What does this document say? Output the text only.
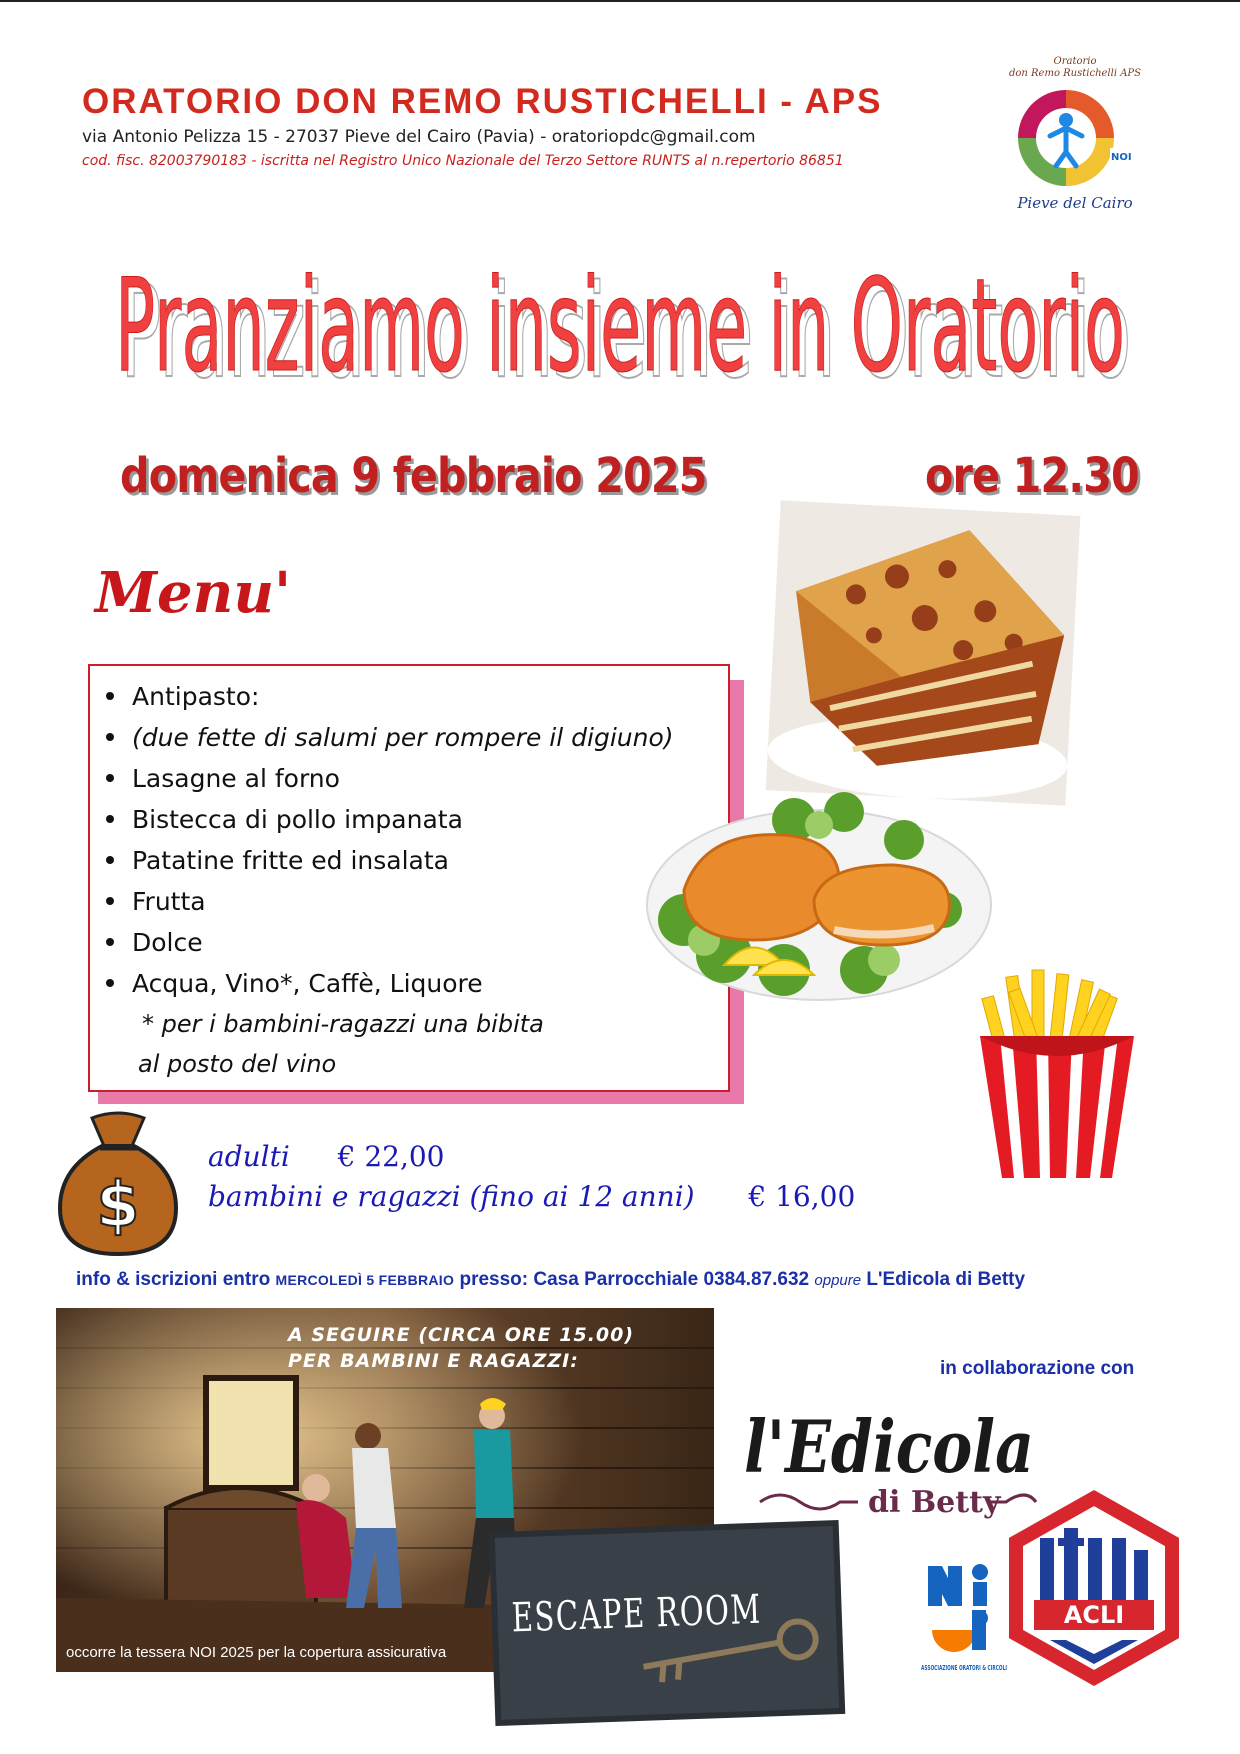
ORATORIO DON REMO RUSTICHELLI - APS
via Antonio Pelizza 15 - 27037 Pieve del Cairo (Pavia) - oratoriopdc@gmail.com
cod. fisc. 82003790183 - iscritta nel Registro Unico Nazionale del Terzo Settore RUNTS al n.repertorio 86851
Oratorio
don Remo Rustichelli APS
NOI
Pieve del Cairo
Pranziamo insieme in Oratorio
Pranziamo insieme in Oratorio
domenica 9 febbraio 2025	ore 12.30
Menu'
Antipasto:
(due fette di salumi per rompere il digiuno)
Lasagne al forno
Bistecca di pollo impanata
Patatine fritte ed insalata
Frutta
Dolce
Acqua, Vino*, Caffè, Liquore
* per i bambini-ragazzi una bibita
al posto del vino
$
adulti € 22,00
bambini e ragazzi (fino ai 12 anni) € 16,00
info & iscrizioni entro MERCOLEDÌ 5 FEBBRAIO presso: Casa Parrocchiale 0384.87.632 oppure L'Edicola di Betty
A SEGUIRE (CIRCA ORE 15.00)
PER BAMBINI E RAGAZZI:
occorre la tessera NOI 2025 per la copertura assicurativa
ESCAPE ROOM
in collaborazione con
l'Edicola
di Betty
ASSOCIAZIONE ORATORI & CIRCOLI
ACLI
